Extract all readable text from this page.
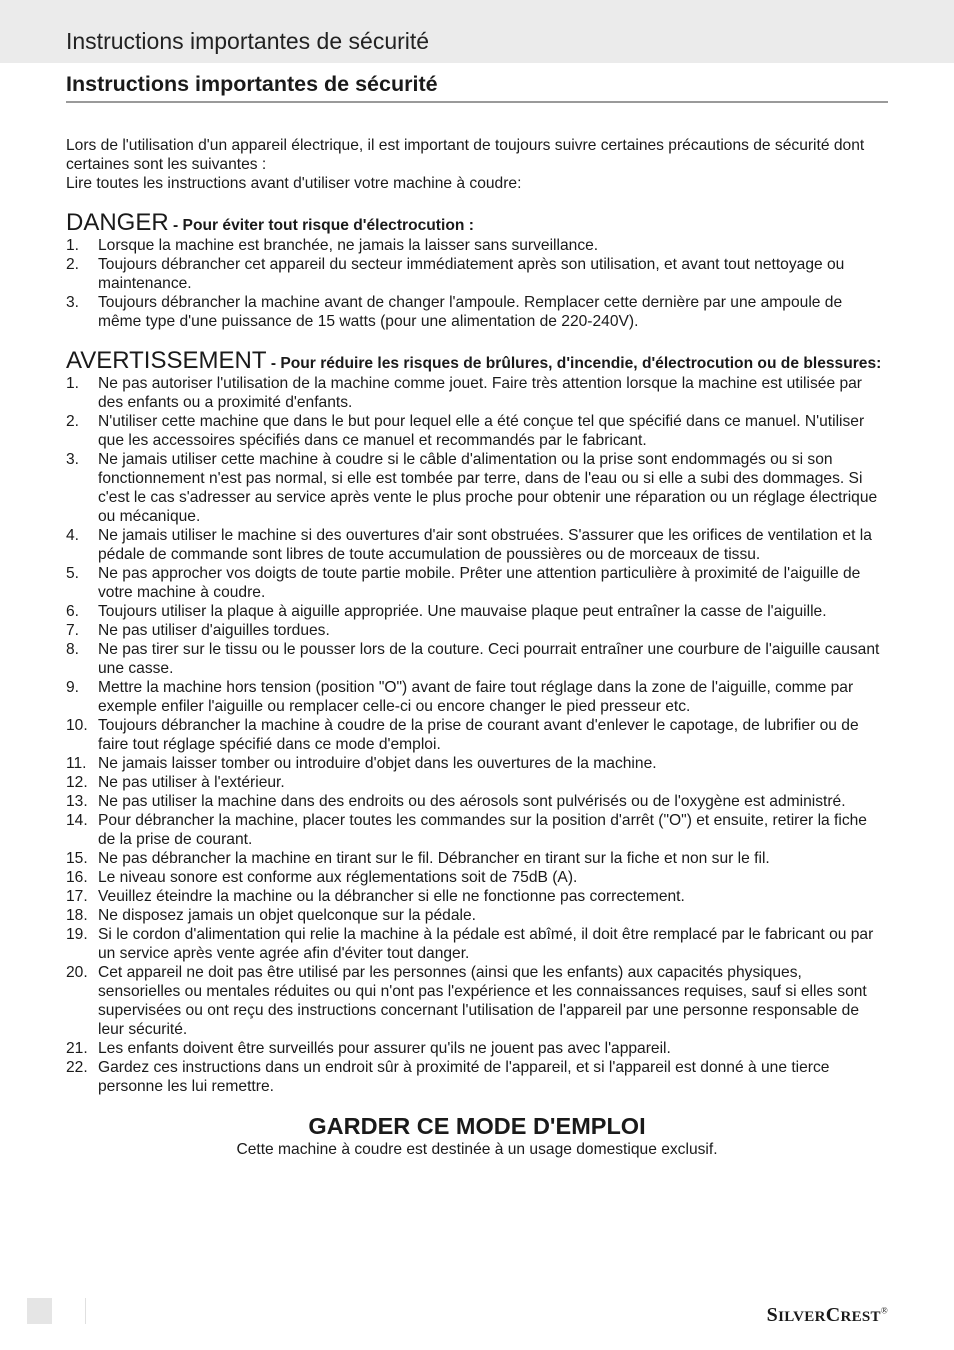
Instructions importantes de sécurité
Instructions importantes de sécurité

Lors de l'utilisation d'un appareil électrique, il est important de toujours suivre certaines précautions de sécurité dont certaines sont les suivantes :

Lire toutes les instructions avant d'utiliser votre machine à coudre:

DANGER - Pour éviter tout risque d'électrocution :

1. Lorsque la machine est branchée, ne jamais la laisser sans surveillance.
2. Toujours débrancher cet appareil du secteur immédiatement après son utilisation, et avant tout nettoyage ou maintenance.
3. Toujours débrancher la machine avant de changer l'ampoule. Remplacer cette dernière par une ampoule de même type d'une puissance de 15 watts (pour une alimentation de 220-240V).

AVERTISSEMENT - Pour réduire les risques de brûlures, d'incendie, d'électrocution ou de blessures:

1. Ne pas autoriser l'utilisation de la machine comme jouet. Faire très attention lorsque la machine est utilisée par des enfants ou a proximité d'enfants.
2. N'utiliser cette machine que dans le but pour lequel elle a été conçue tel que spécifié dans ce manuel. N'utiliser que les accessoires spécifiés dans ce manuel et recommandés par le fabricant.
3. Ne jamais utiliser cette machine à coudre si le câble d'alimentation ou la prise sont endommagés ou si son fonctionnement n'est pas normal, si elle est tombée par terre, dans de l'eau ou si elle a subi des dommages. Si c'est le cas s'adresser au service après vente le plus proche pour obtenir une réparation ou un réglage électrique ou mécanique.
4. Ne jamais utiliser le machine si des ouvertures d'air sont obstruées. S'assurer que les orifices de ventilation et la pédale de commande sont libres de toute accumulation de poussières ou de morceaux de tissu.
5. Ne pas approcher vos doigts de toute partie mobile. Prêter une attention particulière à proximité de l'aiguille de votre machine à coudre.
6. Toujours utiliser la plaque à aiguille appropriée. Une mauvaise plaque peut entraîner la casse de l'aiguille.
7. Ne pas utiliser d'aiguilles tordues.
8. Ne pas tirer sur le tissu ou le pousser lors de la couture. Ceci pourrait entraîner une courbure de l'aiguille causant une casse.
9. Mettre la machine hors tension (position "O") avant de faire tout réglage dans la zone de l'aiguille, comme par exemple enfiler l'aiguille ou remplacer celle-ci ou encore changer le pied presseur etc.
10. Toujours débrancher la machine à coudre de la prise de courant avant d'enlever le capotage, de lubrifier ou de faire tout réglage spécifié dans ce mode d'emploi.
11. Ne jamais laisser tomber ou introduire d'objet dans les ouvertures de la machine.
12. Ne pas utiliser à l'extérieur.
13. Ne pas utiliser la machine dans des endroits ou des aérosols sont pulvérisés ou de l'oxygène est administré.
14. Pour débrancher la machine, placer toutes les commandes sur la position d'arrêt ("O") et ensuite, retirer la fiche de la prise de courant.
15. Ne pas débrancher la machine en tirant sur le fil. Débrancher en tirant sur la fiche et non sur le fil.
16. Le niveau sonore est conforme aux réglementations soit de 75dB (A).
17. Veuillez éteindre la machine ou la débrancher si elle ne fonctionne pas correctement.
18. Ne disposez jamais un objet quelconque sur la pédale.
19. Si le cordon d'alimentation qui relie la machine à la pédale est abîmé, il doit être remplacé par le fabricant ou par un service après vente agrée afin d'éviter tout danger.
20. Cet appareil ne doit pas être utilisé par les personnes (ainsi que les enfants) aux capacités physiques, sensorielles ou mentales réduites ou qui n'ont pas l'expérience et les connaissances requises, sauf si elles sont supervisées ou ont reçu des instructions concernant l'utilisation de l'appareil par une personne responsable de leur sécurité.
21. Les enfants doivent être surveillés pour assurer qu'ils ne jouent pas avec l'appareil.
22. Gardez ces instructions dans un endroit sûr à proximité de l'appareil, et si l'appareil est donné à une tierce personne les lui remettre.
GARDER CE MODE D'EMPLOI
Cette machine à coudre est destinée à un usage domestique exclusif.
SILVERCREST®
